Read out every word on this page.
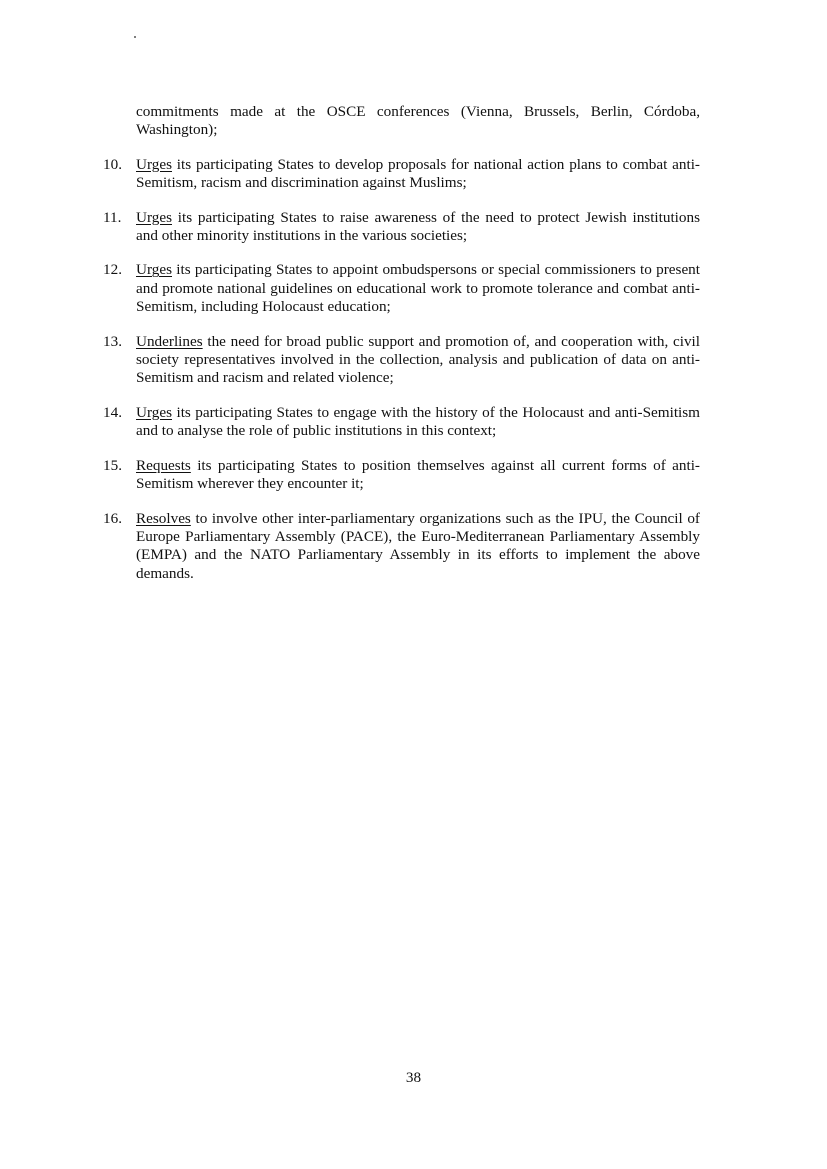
commitments made at the OSCE conferences (Vienna, Brussels, Berlin, Córdoba, Washington);
10. Urges its participating States to develop proposals for national action plans to combat anti-Semitism, racism and discrimination against Muslims;
11. Urges its participating States to raise awareness of the need to protect Jewish institutions and other minority institutions in the various societies;
12. Urges its participating States to appoint ombudspersons or special commissioners to present and promote national guidelines on educational work to promote tolerance and combat anti-Semitism, including Holocaust education;
13. Underlines the need for broad public support and promotion of, and cooperation with, civil society representatives involved in the collection, analysis and publication of data on anti-Semitism and racism and related violence;
14. Urges its participating States to engage with the history of the Holocaust and anti-Semitism and to analyse the role of public institutions in this context;
15. Requests its participating States to position themselves against all current forms of anti-Semitism wherever they encounter it;
16. Resolves to involve other inter-parliamentary organizations such as the IPU, the Council of Europe Parliamentary Assembly (PACE), the Euro-Mediterranean Parliamentary Assembly (EMPA) and the NATO Parliamentary Assembly in its efforts to implement the above demands.
38
